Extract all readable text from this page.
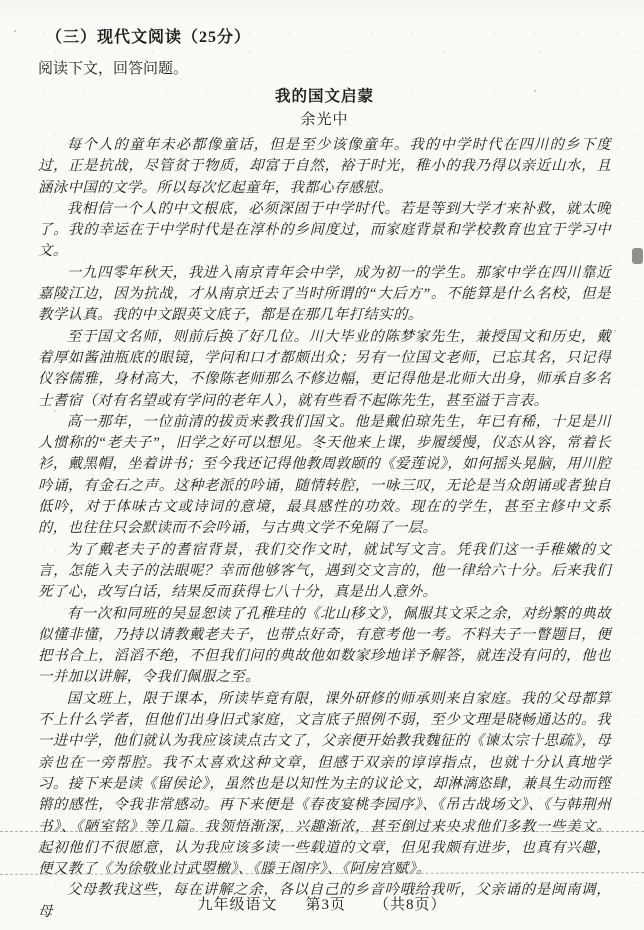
（三）现代文阅读（25分）
阅读下文，回答问题。
我的国文启蒙
余光中

每个人的童年未必都像童话，但是至少该像童年。我的中学时代在四川的乡下度过，正是抗战，尽管贫于物质，却富于自然，裕于时光，稚小的我乃得以亲近山水，且涵泳中国的文学。所以每次忆起童年，我都心存感慰。

我相信一个人的中文根底，必须深固于中学时代。若是等到大学才来补救，就太晚了。我的幸运在于中学时代是在淳朴的乡间度过，而家庭背景和学校教育也宜于学习中文。

一九四零年秋天，我进入南京青年会中学，成为初一的学生。那家中学在四川靠近嘉陵江边，因为抗战，才从南京迁去了当时所谓的“大后方”。不能算是什么名校，但是教学认真。我的中文跟英文底子，都是在那几年打结实的。

至于国文名师，则前后换了好几位。川大毕业的陈梦家先生，兼授国文和历史，戴着厚如酱油瓶底的眼镜，学问和口才都颇出众；另有一位国文老师，已忘其名，只记得仪容儒雅，身材高大，不像陈老师那么不修边幅，更记得他是北师大出身，师承自多名士耆宿（对有名望或有学问的老年人），就有些看不起陈先生，甚至溢于言表。

高一那年，一位前清的拔贡来教我们国文。他是戴伯琼先生，年已有稀，十足是川人惯称的“老夫子”，旧学之好可以想见。冬天他来上课，步履缓慢，仪态从容，常着长衫，戴黑帽，坐着讲书；至今我还记得他教周敦颐的《爱莲说》，如何摇头晃脑，用川腔吟诵，有金石之声。这种老派的吟诵，随情转腔，一咏三叹，无论是当众朗诵或者独自低吟，对于体味古文或诗词的意境，最具感性的功效。现在的学生，甚至主修中文系的，也往往只会默读而不会吟诵，与古典文学不免隔了一层。

为了戴老夫子的耆宿背景，我们交作文时，就试写文言。凭我们这一手稚嫩的文言，怎能入夫子的法眼呢？幸而他够客气，遇到交文言的，他一律给六十分。后来我们死了心，改写白话，结果反而获得七八十分，真是出人意外。

有一次和同班的吴显恕读了孔稚珪的《北山移文》，佩服其文采之余，对纷繁的典故似懂非懂，乃持以请教戴老夫子，也带点好奇，有意考他一考。不料夫子一瞥题目，便把书合上，滔滔不绝，不但我们问的典故他如数家珍地详予解答，就连没有问的，他也一并加以讲解，令我们佩服之至。

国文班上，限于课本，所读毕竟有限，课外研修的师承则来自家庭。我的父母都算不上什么学者，但他们出身旧式家庭，文言底子照例不弱，至少文理是晓畅通达的。我一进中学，他们就认为我应该读点古文了，父亲便开始教我魏征的《谏太宗十思疏》，母亲也在一旁帮腔。我不太喜欢这种文章，但感于双亲的谆谆指点，也就十分认真地学习。接下来是读《留侯论》，虽然也是以知性为主的议论文，却淋漓恣肆，兼具生动而铿锵的感性，令我非常感动。再下来便是《春夜宴桃李园序》、《吊古战场文》、《与韩荆州书》、《陋室铭》等几篇。我领悟渐深，兴趣渐浓，甚至倒过来央求他们多教一些美文。起初他们不很愿意，认为我应该多读一些载道的文章，但见我颇有进步，也真有兴趣，便又教了《为徐敬业讨武曌檄》、《滕王阁序》、《阿房宫赋》。

父母教我这些，每在讲解之余，各以自己的乡音吟哦给我听，父亲诵的是闽南调，母	九年级语文 第3页 （共8页）
